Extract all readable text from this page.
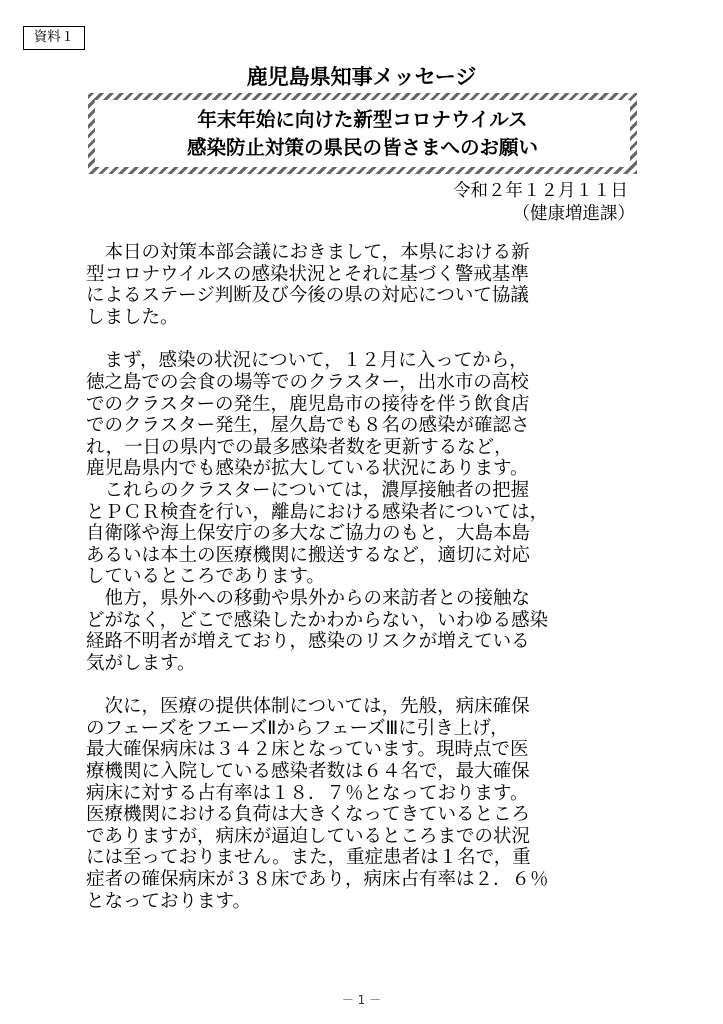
資料１
鹿児島県知事メッセージ
年末年始に向けた新型コロナウイルス
感染防止対策の県民の皆さまへのお願い
令和２年１２月１１日
（健康増進課）
　本日の対策本部会議におきまして，本県における新
型コロナウイルスの感染状況とそれに基づく警戒基準
によるステージ判断及び今後の県の対応について協議
しました。
　まず，感染の状況について，１２月に入ってから，
徳之島での会食の場等でのクラスター，出水市の高校
でのクラスターの発生，鹿児島市の接待を伴う飲食店
でのクラスター発生，屋久島でも８名の感染が確認さ
れ，一日の県内での最多感染者数を更新するなど，
鹿児島県内でも感染が拡大している状況にあります。
　これらのクラスターについては，濃厚接触者の把握
とＰＣＲ検査を行い，離島における感染者については，
自衛隊や海上保安庁の多大なご協力のもと，大島本島
あるいは本土の医療機関に搬送するなど，適切に対応
しているところであります。
　他方，県外への移動や県外からの来訪者との接触な
どがなく，どこで感染したかわからない，いわゆる感染
経路不明者が増えており，感染のリスクが増えている
気がします。
　次に，医療の提供体制については，先般，病床確保
のフェーズをフエーズⅡからフェーズⅢに引き上げ，
最大確保病床は３４２床となっています。現時点で医
療機関に入院している感染者数は６４名で，最大確保
病床に対する占有率は１８．７％となっております。
医療機関における負荷は大きくなってきているところ
でありますが，病床が逼迫しているところまでの状況
には至っておりません。また，重症患者は１名で，重
症者の確保病床が３８床であり，病床占有率は２．６％
となっております。
－ 1 －
